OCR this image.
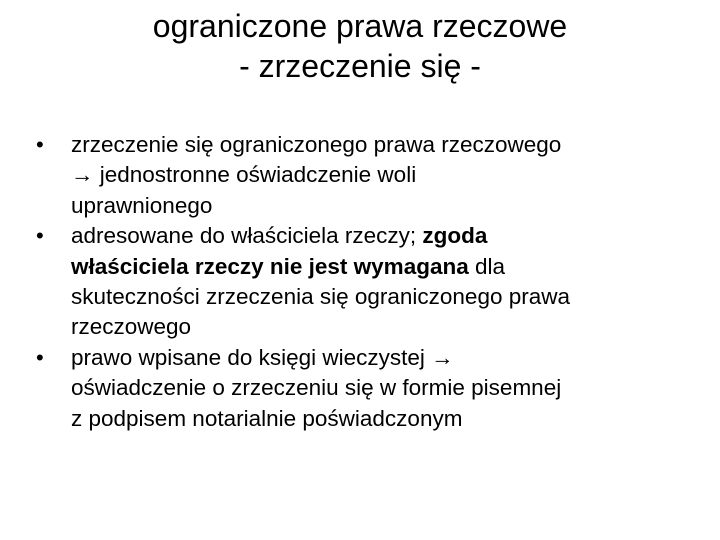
ograniczone prawa rzeczowe
- zrzeczenie się -
•	zrzeczenie się ograniczonego prawa rzeczowego
→ jednostronne oświadczenie woli
uprawnionego
•	adresowane do właściciela rzeczy; zgoda
właściciela rzeczy nie jest wymagana dla
skuteczności zrzeczenia się ograniczonego prawa
rzeczowego
•	prawo wpisane do księgi wieczystej →
oświadczenie o zrzeczeniu się w formie pisemnej
z podpisem notarialnie poświadczonym
